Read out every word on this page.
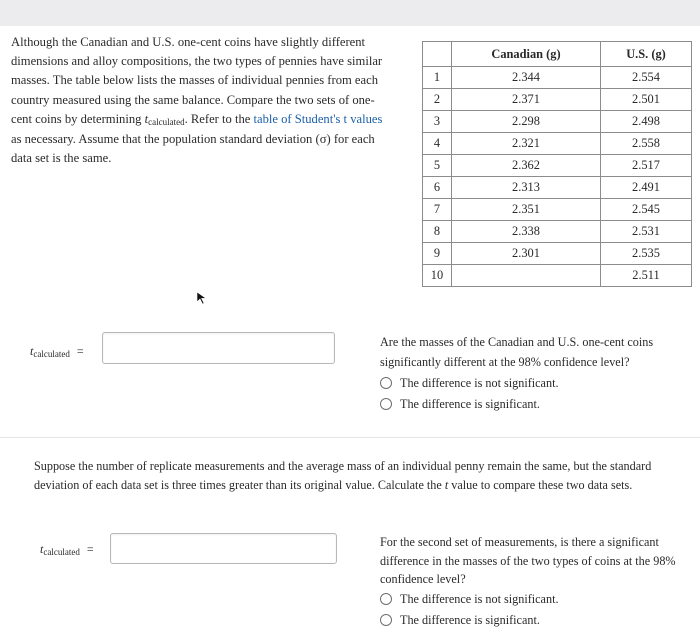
Although the Canadian and U.S. one-cent coins have slightly different dimensions and alloy compositions, the two types of pennies have similar masses. The table below lists the masses of individual pennies from each country measured using the same balance. Compare the two sets of one-cent coins by determining tcalculated. Refer to the table of Student's t values as necessary. Assume that the population standard deviation (σ) for each data set is the same.
	Canadian (g)	U.S. (g)
1	2.344	2.554
2	2.371	2.501
3	2.298	2.498
4	2.321	2.558
5	2.362	2.517
6	2.313	2.491
7	2.351	2.545
8	2.338	2.531
9	2.301	2.535
10		2.511
tcalculated =
Are the masses of the Canadian and U.S. one-cent coins significantly different at the 98% confidence level?
The difference is not significant.
The difference is significant.
Suppose the number of replicate measurements and the average mass of an individual penny remain the same, but the standard deviation of each data set is three times greater than its original value. Calculate the t value to compare these two data sets.
tcalculated =	For the second set of measurements, is there a significant difference in the masses of the two types of coins at the 98% confidence level?
The difference is not significant.
The difference is significant.
